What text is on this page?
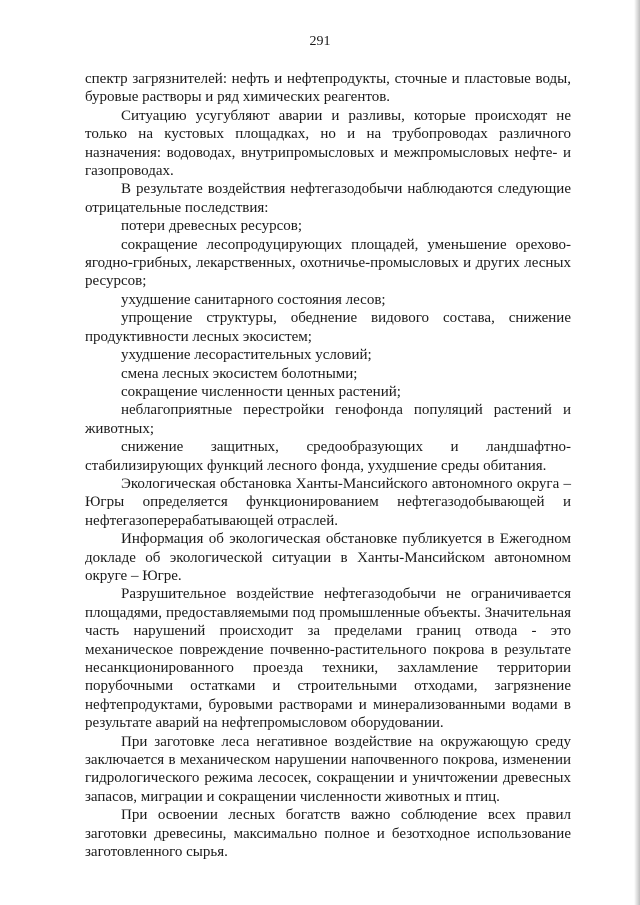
291

спектр загрязнителей: нефть и нефтепродукты, сточные и пластовые воды, буровые растворы и ряд химических реагентов.

Ситуацию усугубляют аварии и разливы, которые происходят не только на кустовых площадках, но и на трубопроводах различного назначения: водоводах, внутрипромысловых и межпромысловых нефте- и газопроводах.

В результате воздействия нефтегазодобычи наблюдаются следующие отрицательные последствия:

потери древесных ресурсов;

сокращение лесопродуцирующих площадей, уменьшение орехово-ягодно-грибных, лекарственных, охотничье-промысловых и других лесных ресурсов;

ухудшение санитарного состояния лесов;

упрощение структуры, обеднение видового состава, снижение продуктивности лесных экосистем;

ухудшение лесорастительных условий;

смена лесных экосистем болотными;

сокращение численности ценных растений;

неблагоприятные перестройки генофонда популяций растений и животных;

снижение защитных, средообразующих и ландшафтно-стабилизирующих функций лесного фонда, ухудшение среды обитания.

Экологическая обстановка Ханты-Мансийского автономного округа – Югры определяется функционированием нефтегазодобывающей и нефтегазоперерабатывающей отраслей.

Информация об экологическая обстановке публикуется в Ежегодном докладе об экологической ситуации в Ханты-Мансийском автономном округе – Югре.

Разрушительное воздействие нефтегазодобычи не ограничивается площадями, предоставляемыми под промышленные объекты. Значительная часть нарушений происходит за пределами границ отвода - это механическое повреждение почвенно-растительного покрова в результате несанкционированного проезда техники, захламление территории порубочными остатками и строительными отходами, загрязнение нефтепродуктами, буровыми растворами и минерализованными водами в результате аварий на нефтепромысловом оборудовании.

При заготовке леса негативное воздействие на окружающую среду заключается в механическом нарушении напочвенного покрова, изменении гидрологического режима лесосек, сокращении и уничтожении древесных запасов, миграции и сокращении численности животных и птиц.

При освоении лесных богатств важно соблюдение всех правил заготовки древесины, максимально полное и безотходное использование заготовленного сырья.
